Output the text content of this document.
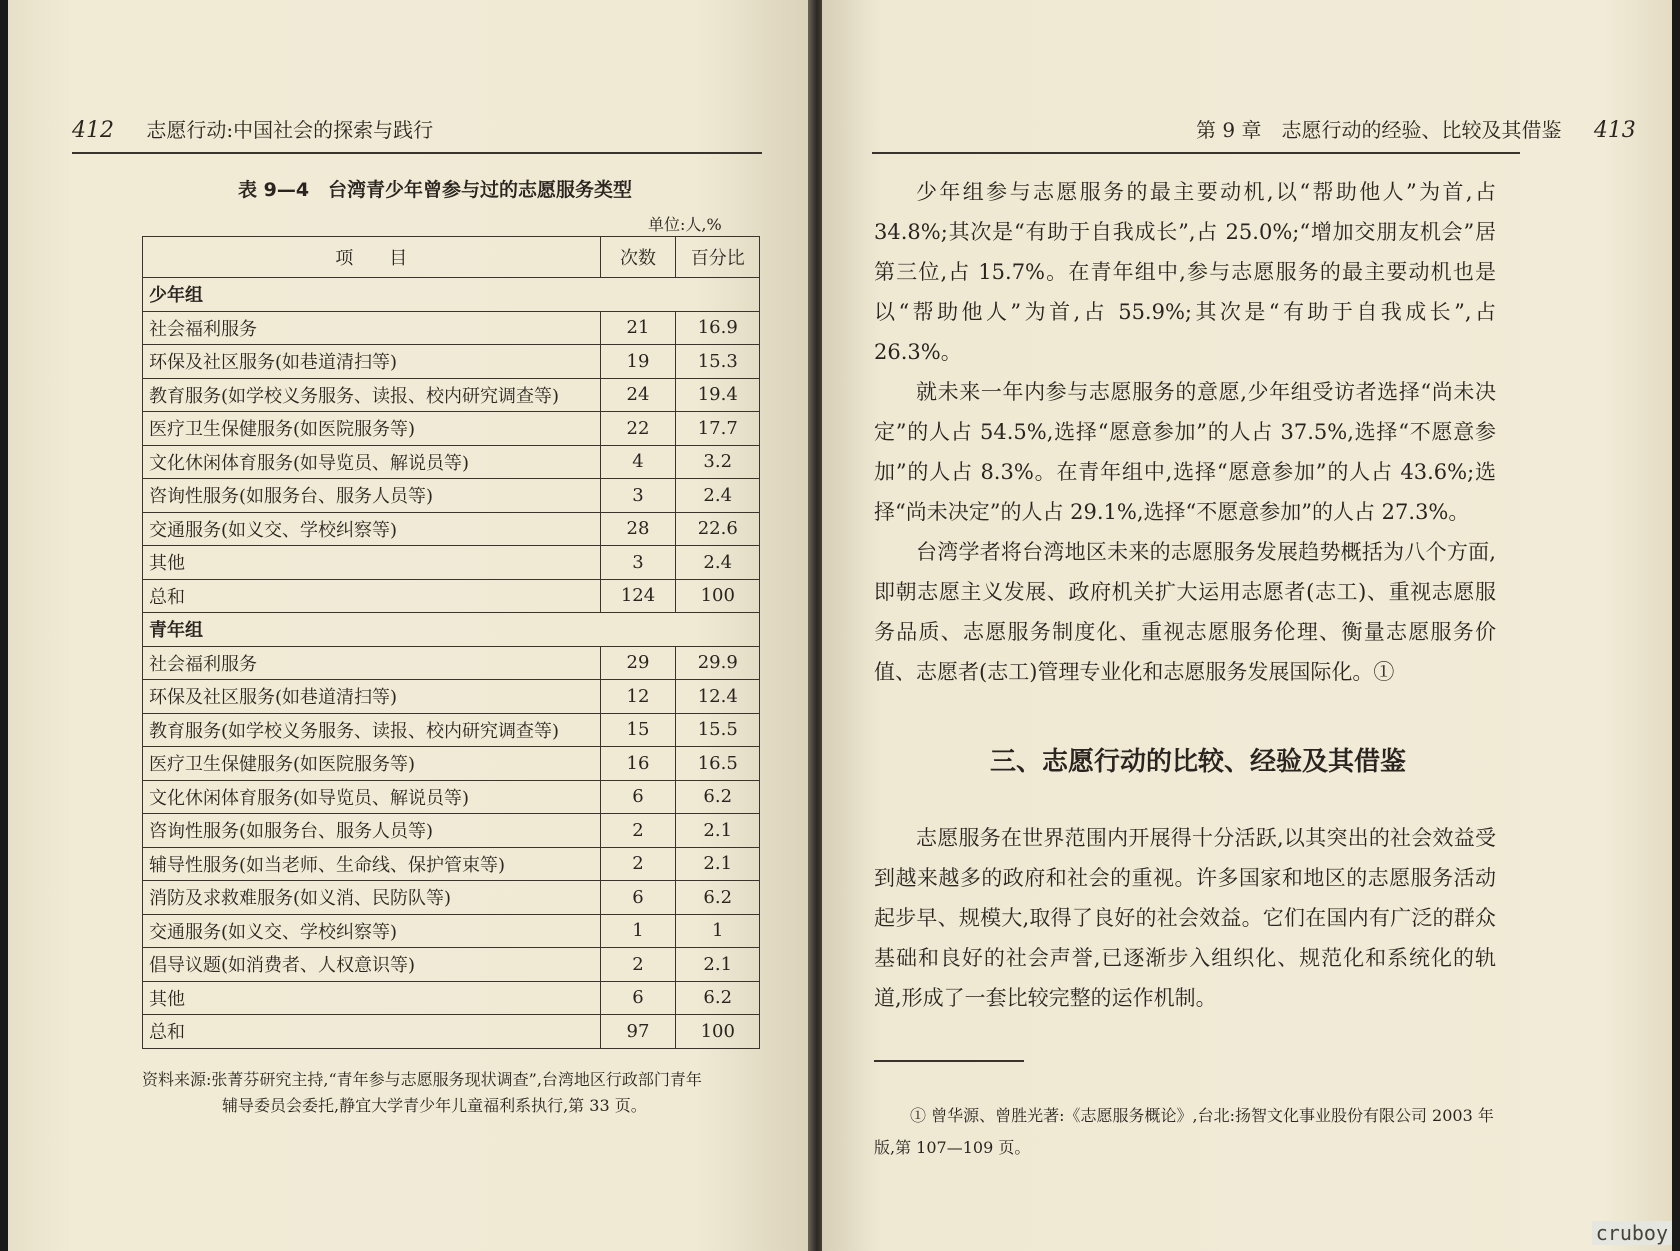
412 志愿行动:中国社会的探索与践行
表 9—4　台湾青少年曾参与过的志愿服务类型
单位:人,%
项　　目	次数	百分比
少年组		
社会福利服务	21	16.9
环保及社区服务(如巷道清扫等)	19	15.3
教育服务(如学校义务服务、读报、校内研究调查等)	24	19.4
医疗卫生保健服务(如医院服务等)	22	17.7
文化休闲体育服务(如导览员、解说员等)	4	3.2
咨询性服务(如服务台、服务人员等)	3	2.4
交通服务(如义交、学校纠察等)	28	22.6
其他	3	2.4
总和	124	100
青年组		
社会福利服务	29	29.9
环保及社区服务(如巷道清扫等)	12	12.4
教育服务(如学校义务服务、读报、校内研究调查等)	15	15.5
医疗卫生保健服务(如医院服务等)	16	16.5
文化休闲体育服务(如导览员、解说员等)	6	6.2
咨询性服务(如服务台、服务人员等)	2	2.1
辅导性服务(如当老师、生命线、保护管束等)	2	2.1
消防及求救难服务(如义消、民防队等)	6	6.2
交通服务(如义交、学校纠察等)	1	1
倡导议题(如消费者、人权意识等)	2	2.1
其他	6	6.2
总和	97	100
资料来源:张菁芬研究主持,“青年参与志愿服务现状调查”,台湾地区行政部门青年
辅导委员会委托,静宜大学青少年儿童福利系执行,第 33 页。
第 9 章　志愿行动的经验、比较及其借鉴 413

少年组参与志愿服务的最主要动机,以“帮助他人”为首,占 34.8%;其次是“有助于自我成长”,占 25.0%;“增加交朋友机会”居第三位,占 15.7%。在青年组中,参与志愿服务的最主要动机也是以“帮助他人”为首,占 55.9%;其次是“有助于自我成长”,占 26.3%。

就未来一年内参与志愿服务的意愿,少年组受访者选择“尚未决定”的人占 54.5%,选择“愿意参加”的人占 37.5%,选择“不愿意参加”的人占 8.3%。在青年组中,选择“愿意参加”的人占 43.6%;选择“尚未决定”的人占 29.1%,选择“不愿意参加”的人占 27.3%。

台湾学者将台湾地区未来的志愿服务发展趋势概括为八个方面,即朝志愿主义发展、政府机关扩大运用志愿者(志工)、重视志愿服务品质、志愿服务制度化、重视志愿服务伦理、衡量志愿服务价值、志愿者(志工)管理专业化和志愿服务发展国际化。①

三、志愿行动的比较、经验及其借鉴

志愿服务在世界范围内开展得十分活跃,以其突出的社会效益受到越来越多的政府和社会的重视。许多国家和地区的志愿服务活动起步早、规模大,取得了良好的社会效益。它们在国内有广泛的群众基础和良好的社会声誉,已逐渐步入组织化、规范化和系统化的轨道,形成了一套比较完整的运作机制。

① 曾华源、曾胜光著:《志愿服务概论》,台北:扬智文化事业股份有限公司 2003 年版,第 107—109 页。

cruboy
